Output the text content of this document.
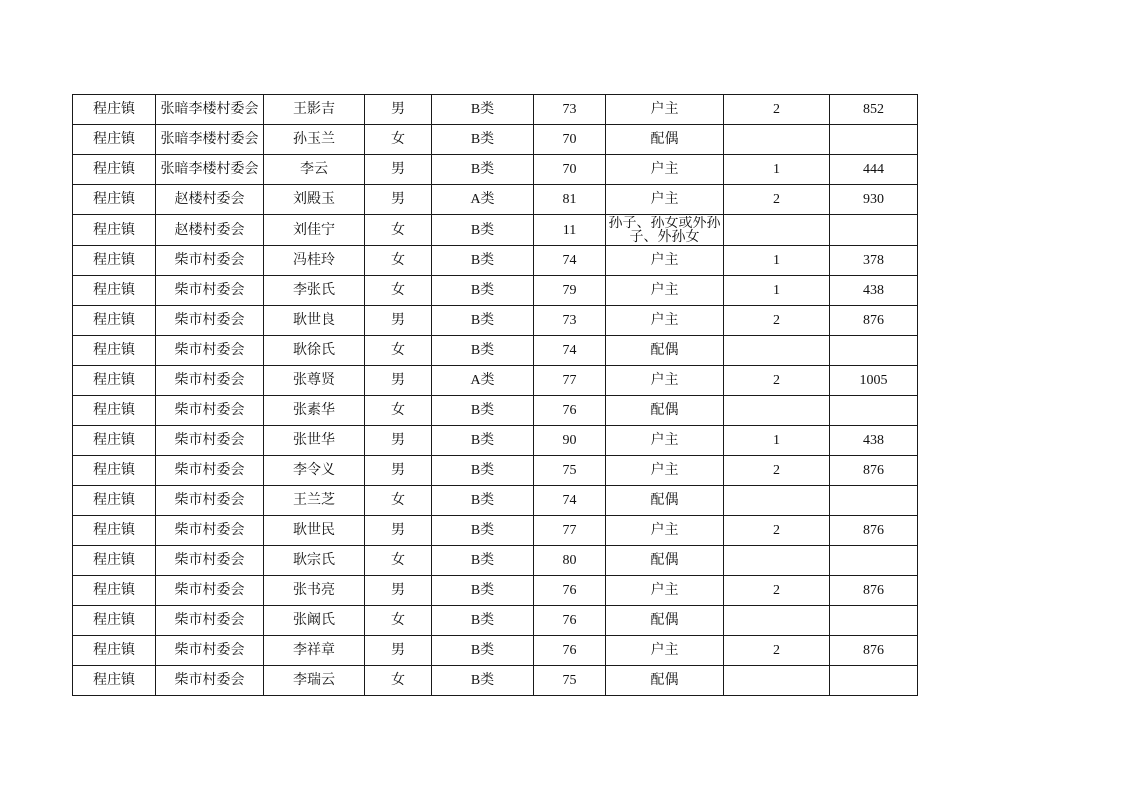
程庄镇	张暗李楼村委会	王影吉	男	B类	73	户主	2	852
程庄镇	张暗李楼村委会	孙玉兰	女	B类	70	配偶		
程庄镇	张暗李楼村委会	李云	男	B类	70	户主	1	444
程庄镇	赵楼村委会	刘殿玉	男	A类	81	户主	2	930
程庄镇	赵楼村委会	刘佳宁	女	B类	11	孙子、孙女或外孙子、外孙女		

程庄镇	柴市村委会	冯桂玲	女	B类	74	户主	1	378
程庄镇	柴市村委会	李张氏	女	B类	79	户主	1	438
程庄镇	柴市村委会	耿世良	男	B类	73	户主	2	876
程庄镇	柴市村委会	耿徐氏	女	B类	74	配偶		
程庄镇	柴市村委会	张尊贤	男	A类	77	户主	2	1005
程庄镇	柴市村委会	张素华	女	B类	76	配偶		
程庄镇	柴市村委会	张世华	男	B类	90	户主	1	438
程庄镇	柴市村委会	李令义	男	B类	75	户主	2	876
程庄镇	柴市村委会	王兰芝	女	B类	74	配偶		
程庄镇	柴市村委会	耿世民	男	B类	77	户主	2	876
程庄镇	柴市村委会	耿宗氏	女	B类	80	配偶		
程庄镇	柴市村委会	张书亮	男	B类	76	户主	2	876
程庄镇	柴市村委会	张阚氏	女	B类	76	配偶		
程庄镇	柴市村委会	李祥章	男	B类	76	户主	2	876
程庄镇	柴市村委会	李瑞云	女	B类	75	配偶		
